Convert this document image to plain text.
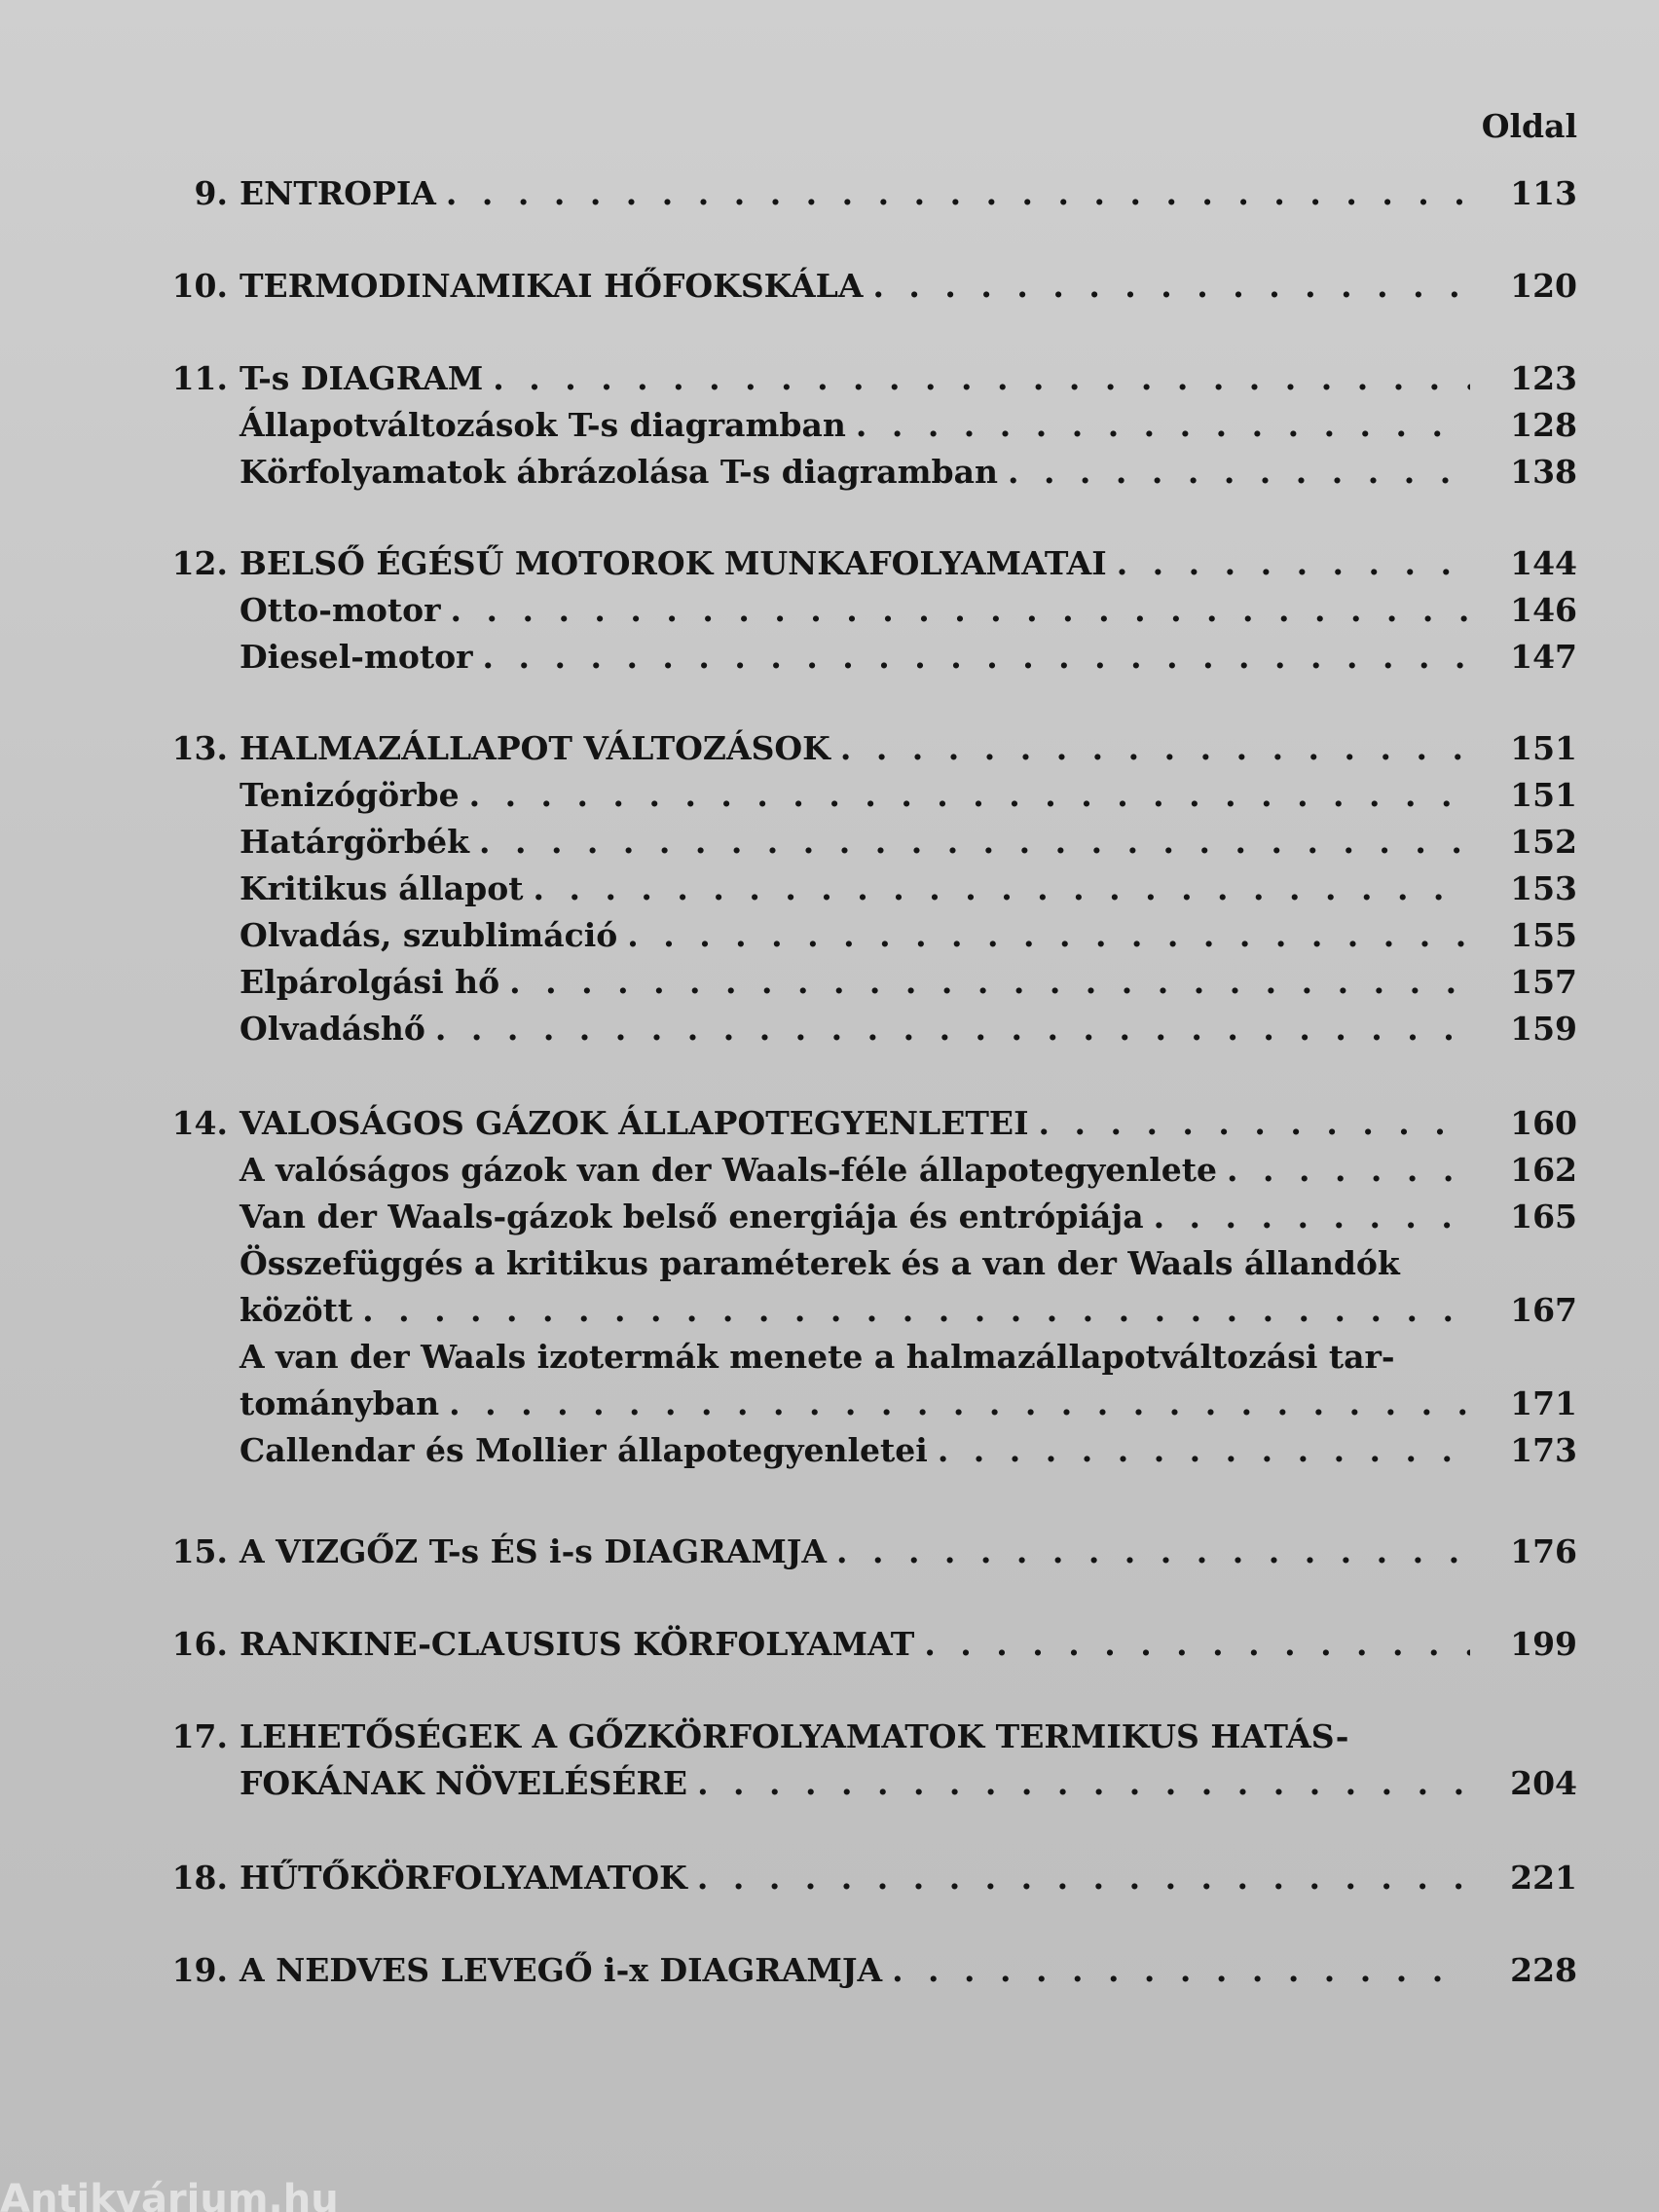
Oldal
9. ENTROPIA . . .	113
10. TERMODINAMIKAI HŐFOKSKÁLA . . .	120
11. T-s DIAGRAM . . .	123
Állapotváltozások T-s diagramban . . .	128
Körfolyamatok ábrázolása T-s diagramban . . .	138
12. BELSŐ ÉGÉSŰ MOTOROK MUNKAFOLYAMATAI . . .	144
Otto-motor . . .	146
Diesel-motor . . .	147
13. HALMAZÁLLAPOT VÁLTOZÁSOK . . .	151
Tenizógörbe . . .	151
Határgörbék . . .	152
Kritikus állapot . . .	153
Olvadás, szublimáció . . .	155
Elpárolgási hő . . .	157
Olvadáshő . . .	159
14. VALOSÁGOS GÁZOK ÁLLAPOTEGYENLETEI . . .	160
A valóságos gázok van der Waals-féle állapotegyenlete . . .	162
Van der Waals-gázok belső energiája és entrópiája . . .	165
Összefüggés a kritikus paraméterek és a van der Waals állandók
között . . .	167
A van der Waals izotermák menete a halmazállapotváltozási tar-
tományban . . .	171
Callendar és Mollier állapotegyenletei . . .	173
15. A VIZGŐZ T-s ÉS i-s DIAGRAMJA . . .	176
16. RANKINE-CLAUSIUS KÖRFOLYAMAT . . .	199
17. LEHETŐSÉGEK A GŐZKÖRFOLYAMATOK TERMIKUS HATÁS-
FOKÁNAK NÖVELÉSÉRE . . .	204
18. HŰTŐKÖRFOLYAMATOK . . .	221
19. A NEDVES LEVEGŐ i-x DIAGRAMJA . . .	228
Antikvárium.hu
